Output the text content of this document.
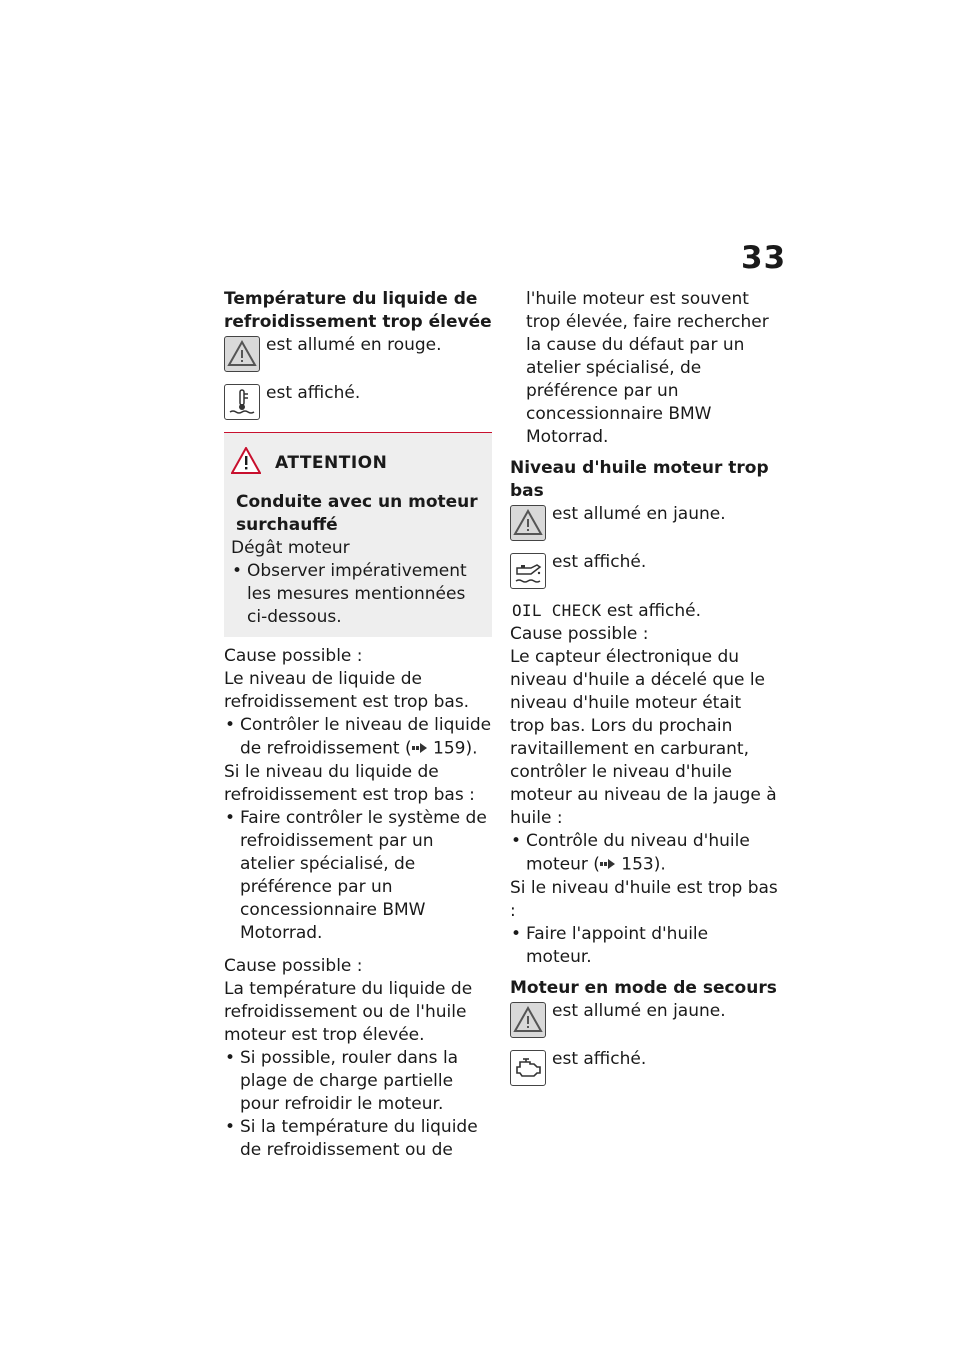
33
Température du liquide de refroidissement trop élevée
est allumé en rouge.
est affiché.
ATTENTION
Conduite avec un moteur surchauffé
Dégât moteur
• Observer impérativement les mesures mentionnées ci-dessous.
Cause possible :
Le niveau de liquide de refroidissement est trop bas.
• Contrôler le niveau de liquide de refroidissement ( 159).
Si le niveau du liquide de refroidissement est trop bas :
• Faire contrôler le système de refroidissement par un atelier spécialisé, de préférence par un concessionnaire BMW Motorrad.
Cause possible :
La température du liquide de refroidissement ou de l'huile moteur est trop élevée.
• Si possible, rouler dans la plage de charge partielle pour refroidir le moteur.
• Si la température du liquide de refroidissement ou de
l'huile moteur est souvent trop élevée, faire rechercher la cause du défaut par un atelier spécialisé, de préférence par un concessionnaire BMW Motorrad.
Niveau d'huile moteur trop bas
est allumé en jaune.
est affiché.
OIL CHECK est affiché.
Cause possible :
Le capteur électronique du niveau d'huile a décelé que le niveau d'huile moteur était trop bas. Lors du prochain ravitaillement en carburant, contrôler le niveau d'huile moteur au niveau de la jauge à huile :
• Contrôle du niveau d'huile moteur ( 153).
Si le niveau d'huile est trop bas :
• Faire l'appoint d'huile moteur.
Moteur en mode de secours
est allumé en jaune.
est affiché.
